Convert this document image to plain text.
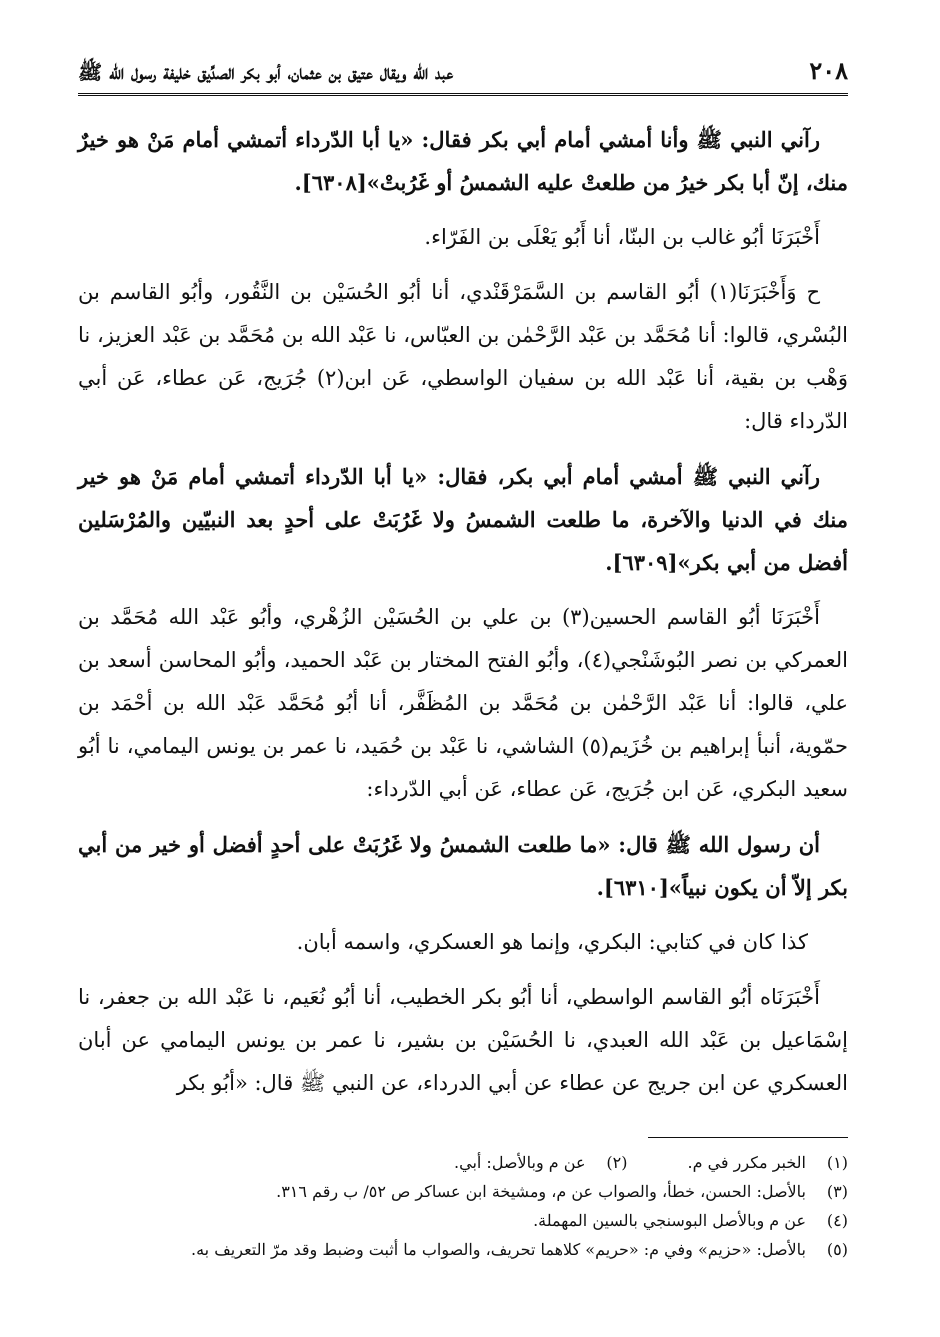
٢٠٨
عبد الله ويقال عتيق بن عثمان، أبو بكر الصدِّيق خليفة رسول الله ﷺ

رآني النبي ﷺ وأنا أمشي أمام أبي بكر فقال: «يا أبا الدّرداء أتمشي أمام مَنْ هو خيرٌ منك، إنّ أبا بكر خيرُ من طلعتْ عليه الشمسُ أو غَرُبتْ»[٦٣٠٨].

أَخْبَرَنَا أبُو غالب بن البنّا، أنا أَبُو يَعْلَى بن الفَرّاء.

ح وَأَخْبَرَنَا(١) أبُو القاسم بن السَّمَرْقَنْدي، أنا أبُو الحُسَيْن بن النَّقُور، وأبُو القاسم بن البُسْري، قالوا: أنا مُحَمَّد بن عَبْد الرَّحْمٰن بن العبّاس، نا عَبْد الله بن مُحَمَّد بن عَبْد العزيز، نا وَهْب بن بقية، أنا عَبْد الله بن سفيان الواسطي، عَن ابن(٢) جُرَيج، عَن عطاء، عَن أبي الدّرداء قال:

رآني النبي ﷺ أمشي أمام أبي بكر، فقال: «يا أبا الدّرداء أتمشي أمام مَنْ هو خير منك في الدنيا والآخرة، ما طلعت الشمسُ ولا غَرُبَتْ على أحدٍ بعد النبيّين والمُرْسَلين أفضل من أبي بكر»[٦٣٠٩].

أَخْبَرَنَا أبُو القاسم الحسين(٣) بن علي بن الحُسَيْن الزُهْري، وأبُو عَبْد الله مُحَمَّد بن العمركي بن نصر البُوشَنْجي(٤)، وأبُو الفتح المختار بن عَبْد الحميد، وأبُو المحاسن أسعد بن علي، قالوا: أنا عَبْد الرَّحْمٰن بن مُحَمَّد بن المُظَفَّر، أنا أبُو مُحَمَّد عَبْد الله بن أحْمَد بن حمّوية، أنبأ إبراهيم بن خُزَيم(٥) الشاشي، نا عَبْد بن حُمَيد، نا عمر بن يونس اليمامي، نا أبُو سعيد البكري، عَن ابن جُرَيج، عَن عطاء، عَن أبي الدّرداء:

أن رسول الله ﷺ قال: «ما طلعت الشمسُ ولا غَرُبَتْ على أحدٍ أفضل أو خير من أبي بكر إلاّ أن يكون نبياً»[٦٣١٠].

كذا كان في كتابي: البكري، وإنما هو العسكري، واسمه أبان.

أَخْبَرَنَاه أبُو القاسم الواسطي، أنا أبُو بكر الخطيب، أنا أبُو نُعَيم، نا عَبْد الله بن جعفر، نا إسْمَاعيل بن عَبْد الله العبدي، نا الحُسَيْن بن بشير، نا عمر بن يونس اليمامي عن أبان العسكري عن ابن جريج عن عطاء عن أبي الدرداء، عن النبي ﷺ قال: «أبُو بكر

(١)
الخبر مكرر في م.
(٢)
عن م وبالأصل: أبي.
(٣)
بالأصل: الحسن، خطأ، والصواب عن م، ومشيخة ابن عساكر ص ٥٢/ ب رقم ٣١٦.

(٤)
عن م وبالأصل البوسنجي بالسين المهملة.

(٥)
بالأصل: «حزيم» وفي م: «حريم» كلاهما تحريف، والصواب ما أثبت وضبط وقد مرّ التعريف به.
